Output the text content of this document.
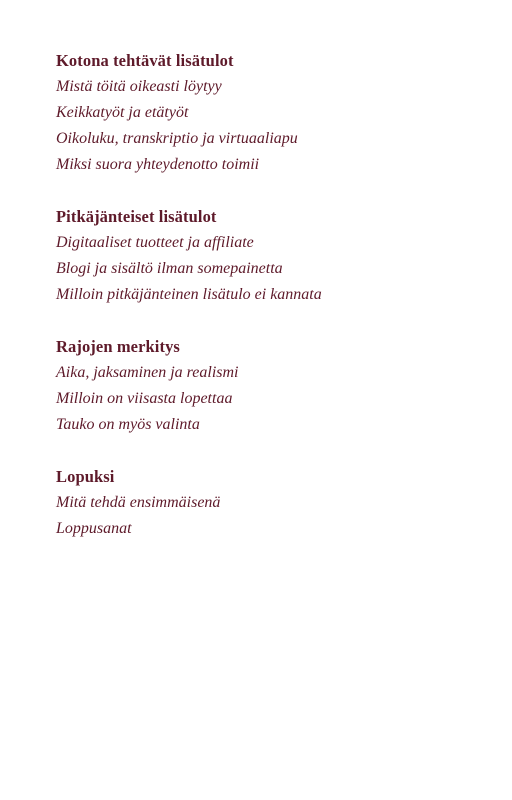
Kotona tehtävät lisätulot
Mistä töitä oikeasti löytyy
Keikkatyöt ja etätyöt
Oikoluku, transkriptio ja virtuaaliapu
Miksi suora yhteydenotto toimii
Pitkäjänteiset lisätulot
Digitaaliset tuotteet ja affiliate
Blogi ja sisältö ilman somepainetta
Milloin pitkäjänteinen lisätulo ei kannata
Rajojen merkitys
Aika, jaksaminen ja realismi
Milloin on viisasta lopettaa
Tauko on myös valinta
Lopuksi
Mitä tehdä ensimmäisenä
Loppusanat
